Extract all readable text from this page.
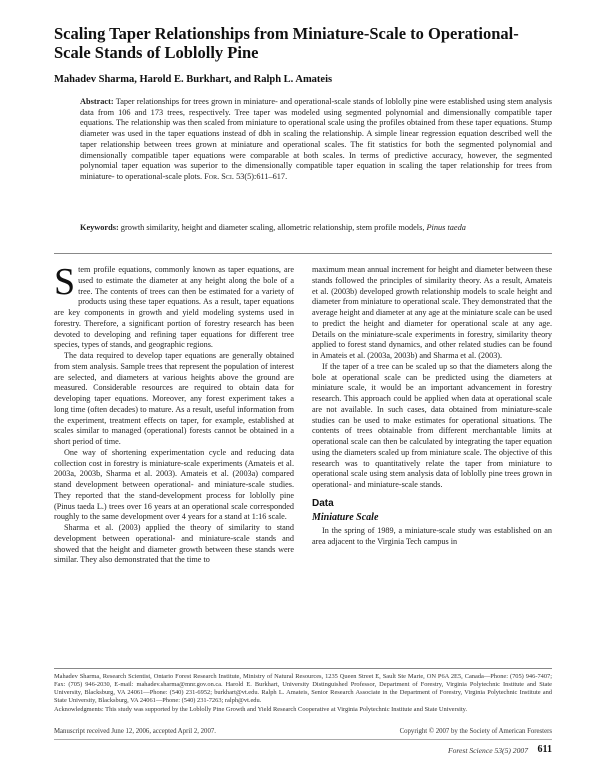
Scaling Taper Relationships from Miniature-Scale to Operational-Scale Stands of Loblolly Pine
Mahadev Sharma, Harold E. Burkhart, and Ralph L. Amateis
Abstract: Taper relationships for trees grown in miniature- and operational-scale stands of loblolly pine were established using stem analysis data from 106 and 173 trees, respectively. Tree taper was modeled using segmented polynomial and dimensionally compatible taper equations. The relationship was then scaled from miniature to operational scale using the profiles obtained from these taper equations. Stump diameter was used in the taper equations instead of dbh in scaling the relationship. A simple linear regression equation described well the taper relationship between trees grown at miniature and operational scales. The fit statistics for both the segmented polynomial and dimensionally compatible taper equations were comparable at both scales. In terms of predictive accuracy, however, the segmented polynomial taper equation was superior to the dimensionally compatible taper equation in scaling the taper relationship for trees from miniature- to operational-scale plots. For. Sci. 53(5):611–617.
Keywords: growth similarity, height and diameter scaling, allometric relationship, stem profile models, Pinus taeda

Stem profile equations, commonly known as taper equations, are used to estimate the diameter at any height along the bole of a tree. The contents of trees can then be estimated for a variety of products using these taper equations. As a result, taper equations are key components in growth and yield modeling systems used in forestry. Therefore, a significant portion of forestry research has been devoted to developing and refining taper equations for different tree species, types of stands, and geographic regions.

The data required to develop taper equations are generally obtained from stem analysis. Sample trees that represent the population of interest are selected, and diameters at various heights above the ground are measured. Considerable resources are required to obtain data for developing taper equations. Moreover, any forest experiment takes a long time (often decades) to mature. As a result, useful information from the experiment, treatment effects on taper, for example, established at scales similar to managed (operational) forests cannot be obtained in a short period of time.

One way of shortening experimentation cycle and reducing data collection cost in forestry is miniature-scale experiments (Amateis et al. 2003a, 2003b, Sharma et al. 2003). Amateis et al. (2003a) compared stand development between operational- and miniature-scale studies. They reported that the stand-development process for loblolly pine (Pinus taeda L.) trees over 16 years at an operational scale corresponded roughly to the same development over 4 years for a stand at 1:16 scale.

Sharma et al. (2003) applied the theory of similarity to stand development between operational- and miniature-scale stands and showed that the height and diameter growth between these stands were similar. They also demonstrated that the time to

maximum mean annual increment for height and diameter between these stands followed the principles of similarity theory. As a result, Amateis et al. (2003b) developed growth relationship models to scale height and diameter from miniature to operational scale. They demonstrated that the average height and diameter at any age at the miniature scale can be used to predict the height and diameter for operational scale at any age. Details on the miniature-scale experiments in forestry, similarity theory applied to forest stand dynamics, and other related studies can be found in Amateis et al. (2003a, 2003b) and Sharma et al. (2003).

If the taper of a tree can be scaled up so that the diameters along the bole at operational scale can be predicted using the diameters at miniature scale, it would be an important advancement in forestry research. This approach could be applied when data at operational scale are not available. In such cases, data obtained from miniature-scale studies can be used to make estimates for operational situations. The contents of trees obtainable from different merchantable limits at operational scale can then be calculated by integrating the taper equation using the diameters scaled up from miniature scale. The objective of this research was to quantitatively relate the taper from miniature to operational scale using stem analysis data of loblolly pine trees grown in operational- and miniature-scale stands.

Data
Miniature Scale

In the spring of 1989, a miniature-scale study was established on an area adjacent to the Virginia Tech campus in

Mahadev Sharma, Research Scientist, Ontario Forest Research Institute, Ministry of Natural Resources, 1235 Queen Street E, Sault Ste Marie, ON P6A 2E5, Canada—Phone: (705) 946-7407; Fax: (705) 946-2030, E-mail: mahadev.sharma@mnr.gov.on.ca. Harold E. Burkhart, University Distinguished Professor, Department of Forestry, Virginia Polytechnic Institute and State University, Blacksburg, VA 24061—Phone: (540) 231-6952; burkhart@vt.edu. Ralph L. Amateis, Senior Research Associate in the Department of Forestry, Virginia Polytechnic Institute and State University, Blacksburg, VA 24061—Phone: (540) 231-7263; ralph@vt.edu.

Acknowledgments: This study was supported by the Loblolly Pine Growth and Yield Research Cooperative at Virginia Polytechnic Institute and State University.

Manuscript received June 12, 2006, accepted April 2, 2007.	Copyright © 2007 by the Society of American Foresters
Forest Science 53(5) 2007 611
